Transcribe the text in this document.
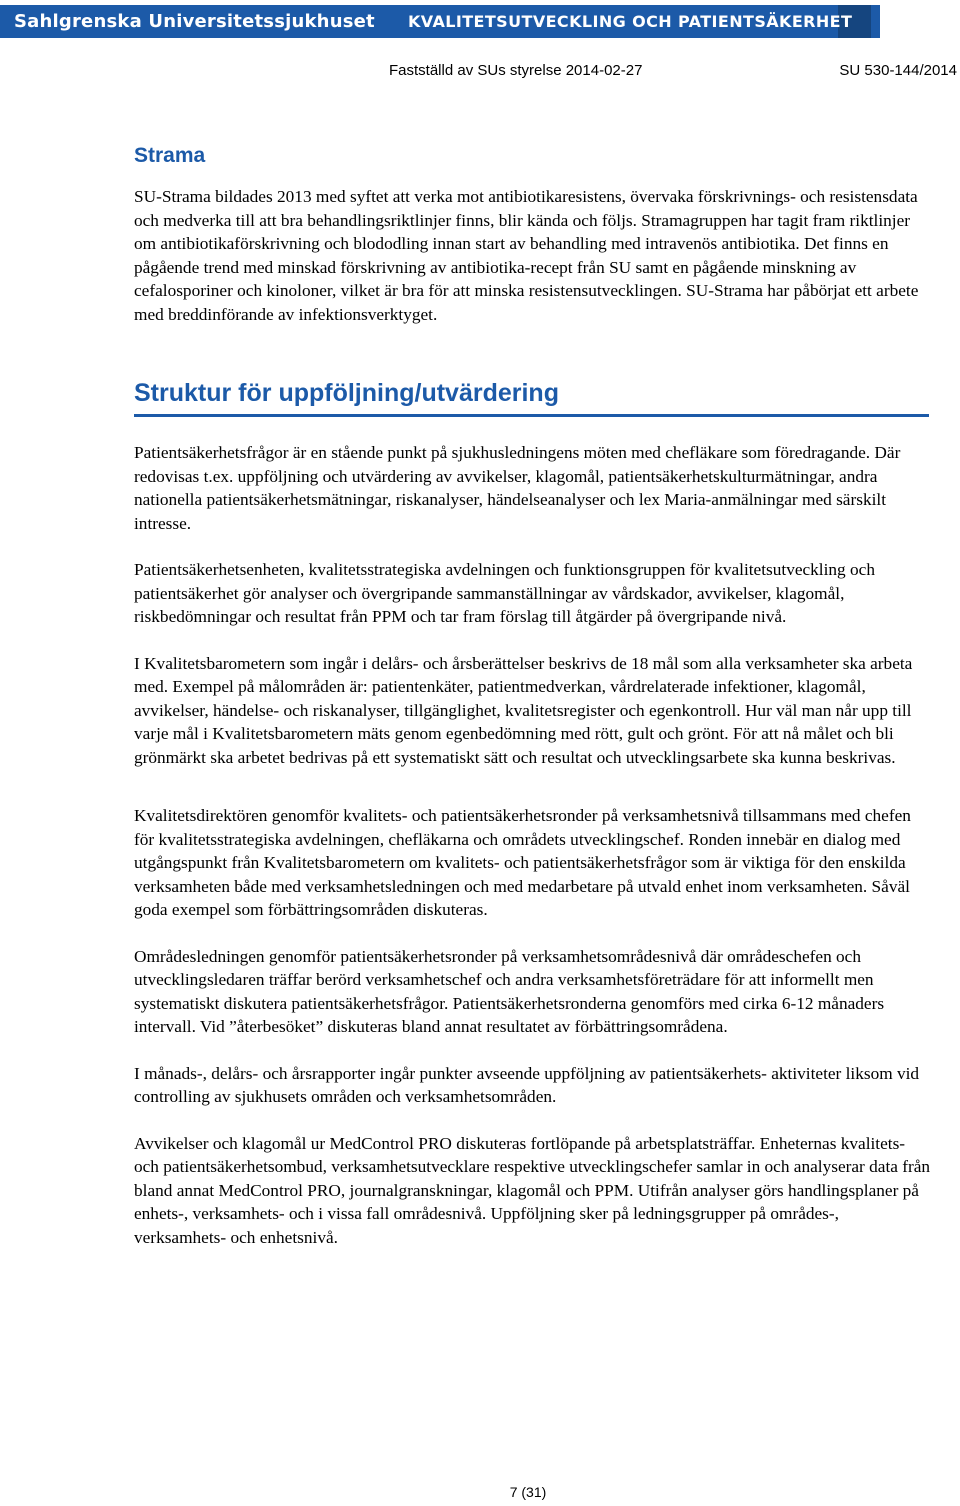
Sahlgrenska Universitetssjukhuset KVALITETSUTVECKLING OCH PATIENTSÄKERHET
Fastställd av SUs styrelse 2014-02-27	SU 530-144/2014
Strama

SU-Strama bildades 2013 med syftet att verka mot antibiotikaresistens, övervaka förskrivnings- och resistensdata och medverka till att bra behandlingsriktlinjer finns, blir kända och följs. Stramagruppen har tagit fram riktlinjer om antibiotikaförskrivning och blododling innan start av behandling med intravenös antibiotika. Det finns en pågående trend med minskad förskrivning av antibiotika-recept från SU samt en pågående minskning av cefalosporiner och kinoloner, vilket är bra för att minska resistensutvecklingen. SU-Strama har påbörjat ett arbete med breddinförande av infektionsverktyget.

Struktur för uppföljning/utvärdering

Patientsäkerhetsfrågor är en stående punkt på sjukhusledningens möten med chefläkare som föredragande. Där redovisas t.ex. uppföljning och utvärdering av avvikelser, klagomål, patientsäkerhetskulturmätningar, andra nationella patientsäkerhetsmätningar, riskanalyser, händelseanalyser och lex Maria-anmälningar med särskilt intresse.

Patientsäkerhetsenheten, kvalitetsstrategiska avdelningen och funktionsgruppen för kvalitetsutveckling och patientsäkerhet gör analyser och övergripande sammanställningar av vårdskador, avvikelser, klagomål, riskbedömningar och resultat från PPM och tar fram förslag till åtgärder på övergripande nivå.

I Kvalitetsbarometern som ingår i delårs- och årsberättelser beskrivs de 18 mål som alla verksamheter ska arbeta med. Exempel på målområden är: patientenkäter, patientmedverkan, vårdrelaterade infektioner, klagomål, avvikelser, händelse- och riskanalyser, tillgänglighet, kvalitetsregister och egenkontroll. Hur väl man når upp till varje mål i Kvalitetsbarometern mäts genom egenbedömning med rött, gult och grönt. För att nå målet och bli grönmärkt ska arbetet bedrivas på ett systematiskt sätt och resultat och utvecklingsarbete ska kunna beskrivas.

Kvalitetsdirektören genomför kvalitets- och patientsäkerhetsronder på verksamhetsnivå tillsammans med chefen för kvalitetsstrategiska avdelningen, chefläkarna och områdets utvecklingschef. Ronden innebär en dialog med utgångspunkt från Kvalitetsbarometern om kvalitets- och patientsäkerhetsfrågor som är viktiga för den enskilda verksamheten både med verksamhetsledningen och med medarbetare på utvald enhet inom verksamheten. Såväl goda exempel som förbättringsområden diskuteras.

Områdesledningen genomför patientsäkerhetsronder på verksamhetsområdesnivå där områdeschefen och utvecklingsledaren träffar berörd verksamhetschef och andra verksamhetsföreträdare för att informellt men systematiskt diskutera patientsäkerhetsfrågor. Patientsäkerhetsronderna genomförs med cirka 6-12 månaders intervall. Vid ”återbesöket” diskuteras bland annat resultatet av förbättringsområdena.

I månads-, delårs- och årsrapporter ingår punkter avseende uppföljning av patientsäkerhets- aktiviteter liksom vid controlling av sjukhusets områden och verksamhetsområden.

Avvikelser och klagomål ur MedControl PRO diskuteras fortlöpande på arbetsplatsträffar. Enheternas kvalitets- och patientsäkerhetsombud, verksamhetsutvecklare respektive utvecklingschefer samlar in och analyserar data från bland annat MedControl PRO, journalgranskningar, klagomål och PPM. Utifrån analyser görs handlingsplaner på enhets-, verksamhets- och i vissa fall områdesnivå. Uppföljning sker på ledningsgrupper på områdes-, verksamhets- och enhetsnivå.

7 (31)
